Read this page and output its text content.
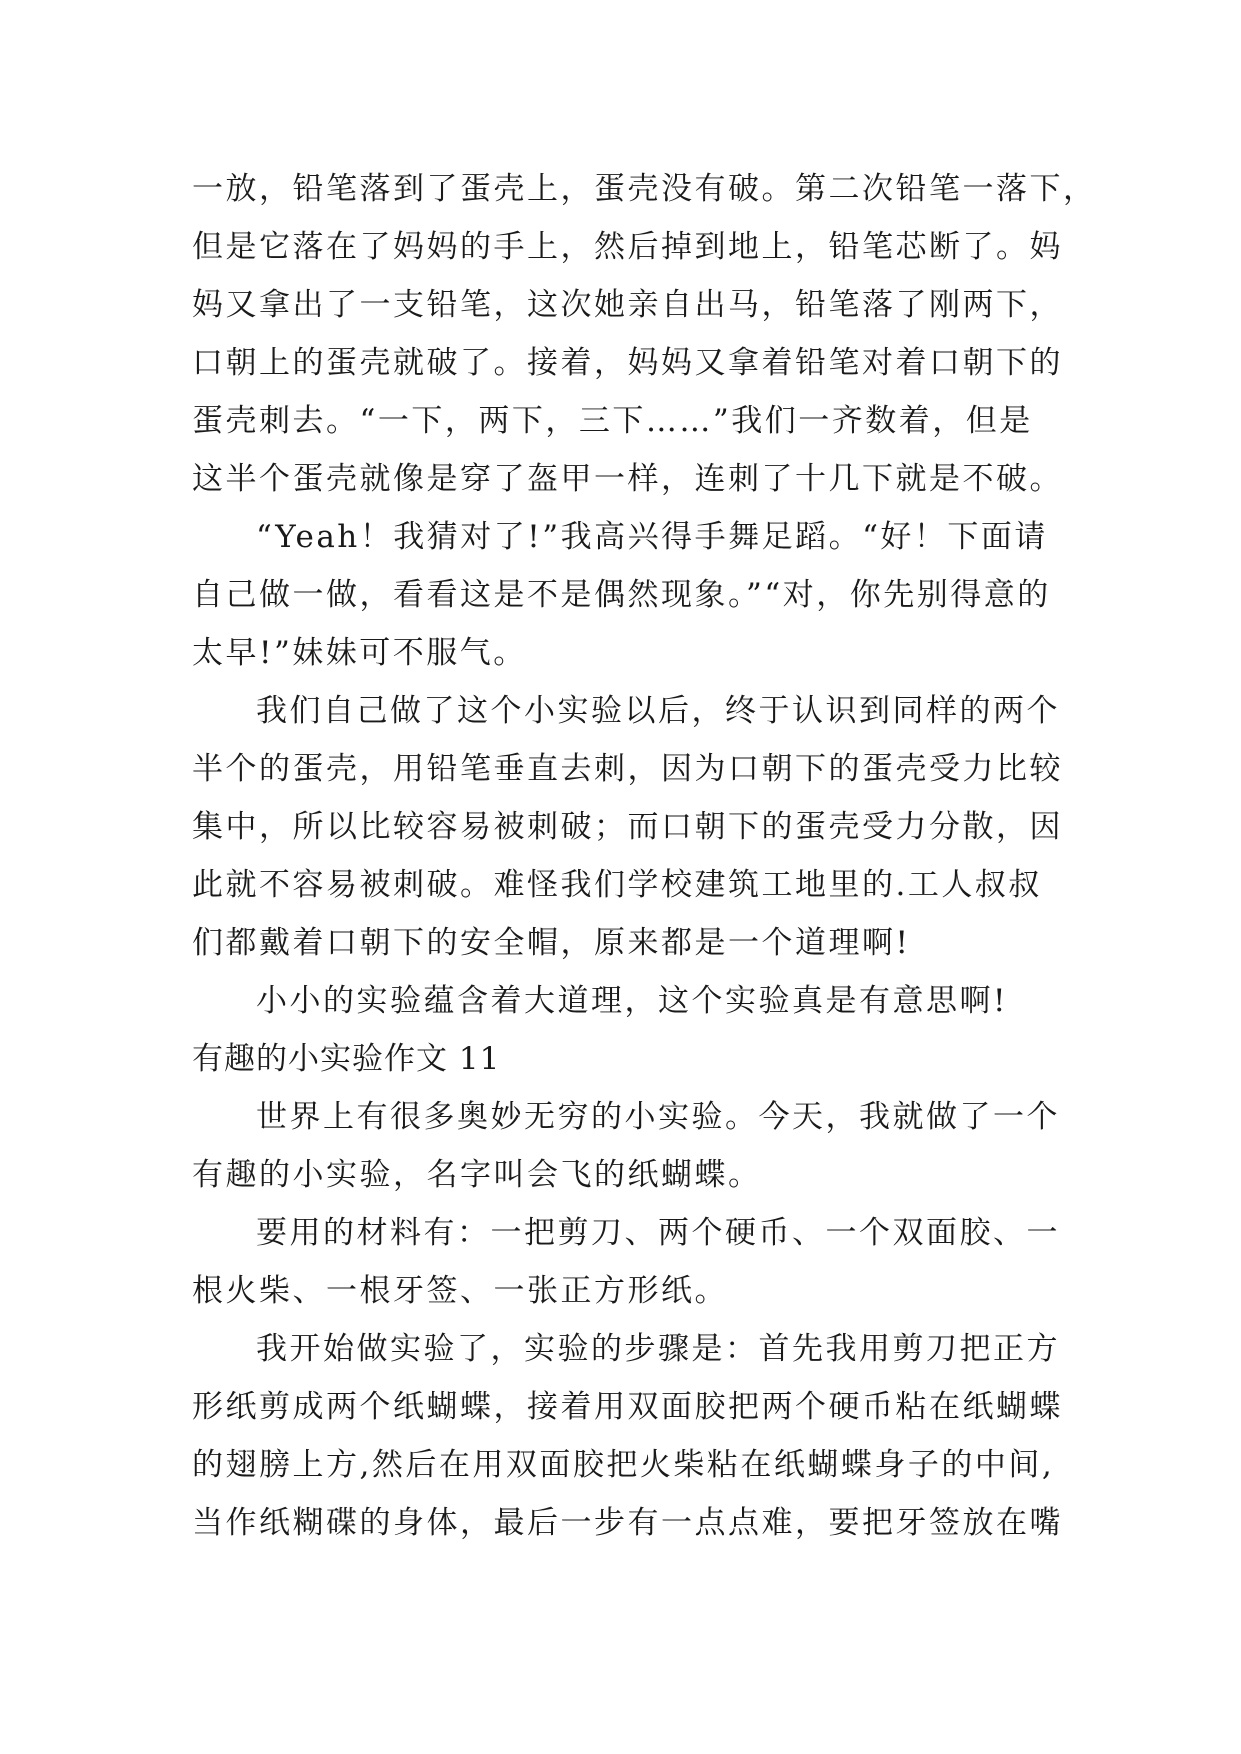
一放，铅笔落到了蛋壳上，蛋壳没有破。第二次铅笔一落下，
但是它落在了妈妈的手上，然后掉到地上，铅笔芯断了。妈
妈又拿出了一支铅笔，这次她亲自出马，铅笔落了刚两下，
口朝上的蛋壳就破了。接着，妈妈又拿着铅笔对着口朝下的
蛋壳刺去。“一下，两下，三下……”我们一齐数着，但是
这半个蛋壳就像是穿了盔甲一样，连刺了十几下就是不破。
“Yeah！我猜对了!”我高兴得手舞足蹈。“好！下面请
自己做一做，看看这是不是偶然现象。”“对，你先别得意的
太早!”妹妹可不服气。
我们自己做了这个小实验以后，终于认识到同样的两个
半个的蛋壳，用铅笔垂直去刺，因为口朝下的蛋壳受力比较
集中，所以比较容易被刺破；而口朝下的蛋壳受力分散，因
此就不容易被刺破。难怪我们学校建筑工地里的.工人叔叔
们都戴着口朝下的安全帽，原来都是一个道理啊!
小小的实验蕴含着大道理，这个实验真是有意思啊!
有趣的小实验作文 11
世界上有很多奥妙无穷的小实验。今天，我就做了一个
有趣的小实验，名字叫会飞的纸蝴蝶。
要用的材料有：一把剪刀、两个硬币、一个双面胶、一
根火柴、一根牙签、一张正方形纸。
我开始做实验了，实验的步骤是：首先我用剪刀把正方
形纸剪成两个纸蝴蝶，接着用双面胶把两个硬币粘在纸蝴蝶
的翅膀上方,然后在用双面胶把火柴粘在纸蝴蝶身子的中间,
当作纸糊碟的身体，最后一步有一点点难，要把牙签放在嘴
